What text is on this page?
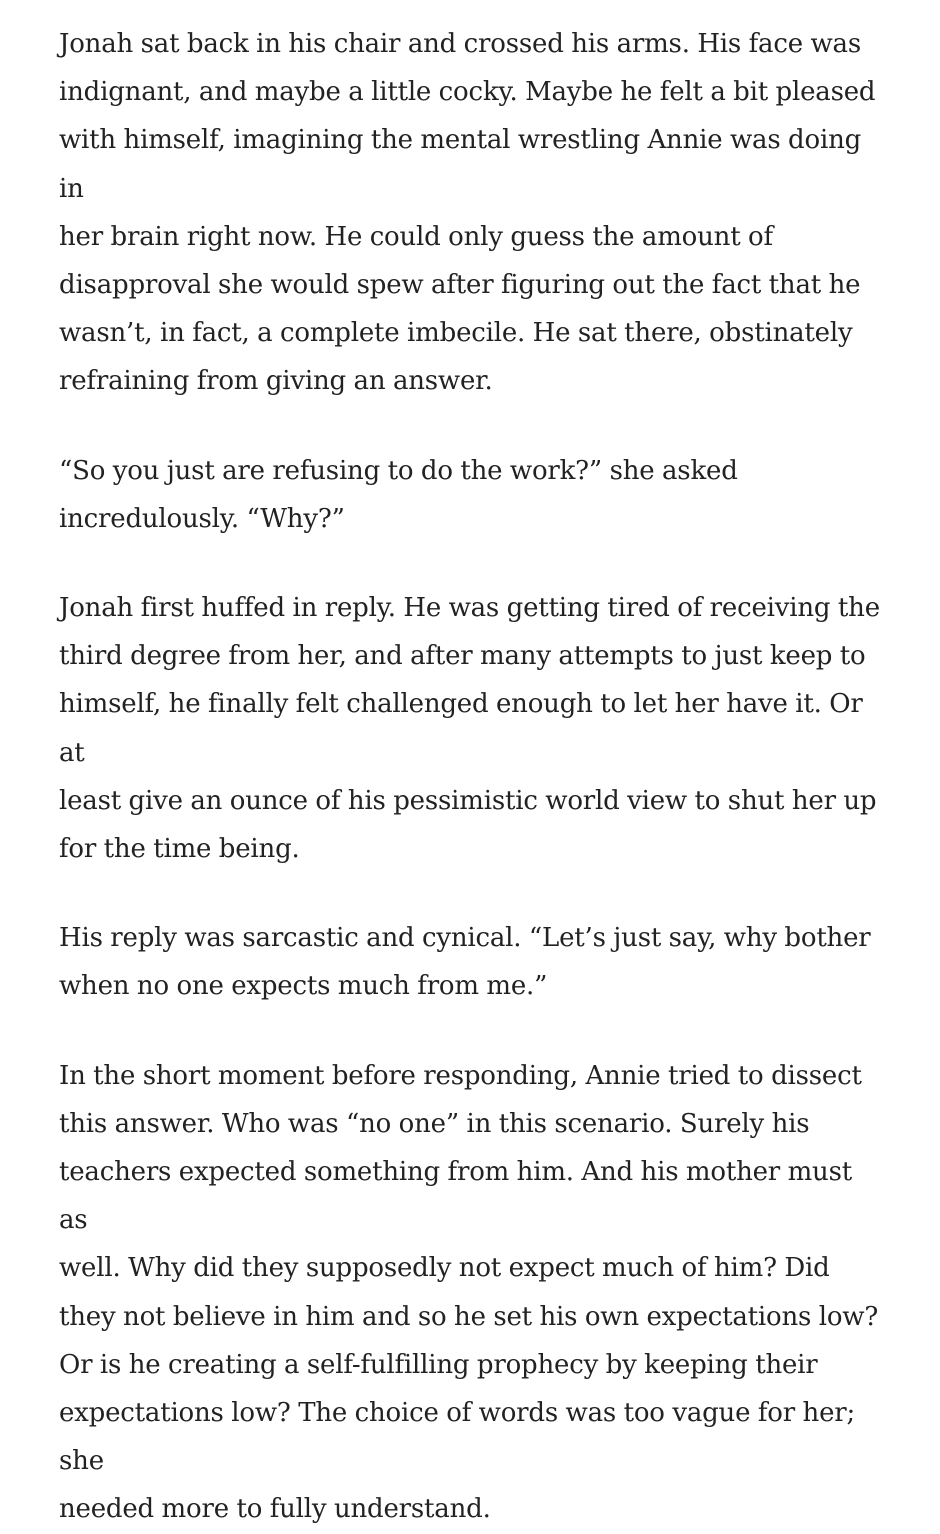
Jonah sat back in his chair and crossed his arms. His face was
indignant, and maybe a little cocky. Maybe he felt a bit pleased
with himself, imagining the mental wrestling Annie was doing in
her brain right now. He could only guess the amount of
disapproval she would spew after figuring out the fact that he
wasn’t, in fact, a complete imbecile. He sat there, obstinately
refraining from giving an answer.

“So you just are refusing to do the work?” she asked
incredulously. “Why?”

Jonah first huffed in reply. He was getting tired of receiving the
third degree from her, and after many attempts to just keep to
himself, he finally felt challenged enough to let her have it. Or at
least give an ounce of his pessimistic world view to shut her up
for the time being.

His reply was sarcastic and cynical. “Let’s just say, why bother
when no one expects much from me.”

In the short moment before responding, Annie tried to dissect
this answer. Who was “no one” in this scenario. Surely his
teachers expected something from him. And his mother must as
well. Why did they supposedly not expect much of him? Did
they not believe in him and so he set his own expectations low?
Or is he creating a self-fulfilling prophecy by keeping their
expectations low? The choice of words was too vague for her; she
needed more to fully understand.
